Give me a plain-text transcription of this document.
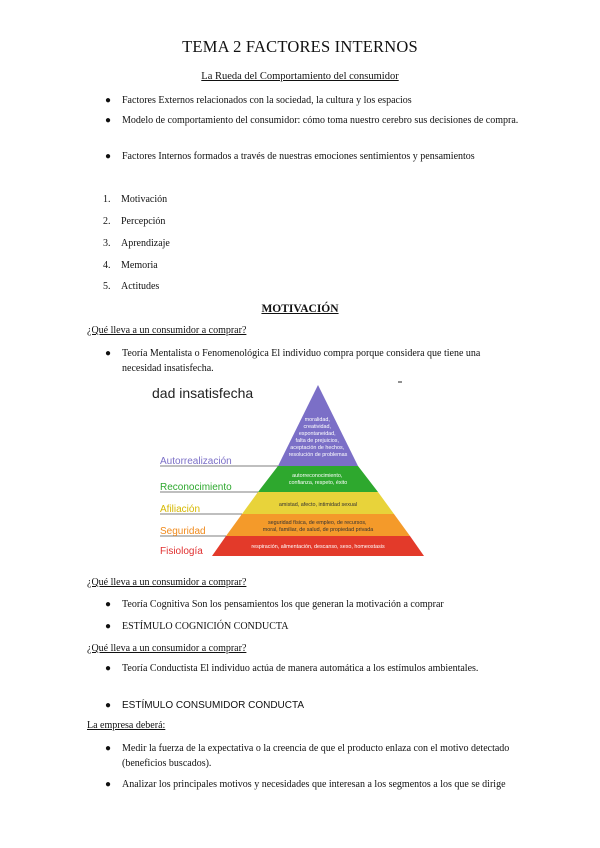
TEMA 2 FACTORES INTERNOS
La Rueda del Comportamiento del consumidor
● Factores Externos relacionados con la sociedad, la cultura y los espacios
● Modelo de comportamiento del consumidor: cómo toma nuestro cerebro sus decisiones de compra.
● Factores Internos formados a través de nuestras emociones sentimientos y pensamientos
1. Motivación
2. Percepción
3. Aprendizaje
4. Memoria
5. Actitudes
MOTIVACIÓN
¿Qué lleva a un consumidor a comprar?
● Teoría Mentalista o Fenomenológica El individuo compra porque considera que tiene una necesidad insatisfecha.
dad insatisfecha
Autorrealización
Reconocimiento
Afiliación
Seguridad
Fisiología
moralidad, creatividad, espontaneidad, falta de prejuicios, aceptación de hechos, resolución de problemas
autorreconocimiento, confianza, respeto, éxito
amistad, afecto, intimidad sexual
seguridad física, de empleo, de recursos, moral, familiar, de salud, de propiedad privada
respiración, alimentación, descanso, sexo, homeostasis
¿Qué lleva a un consumidor a comprar?
● Teoría Cognitiva Son los pensamientos los que generan la motivación a comprar
● ESTÍMULO COGNICIÓN CONDUCTA
¿Qué lleva a un consumidor a comprar?
● Teoría Conductista El individuo actúa de manera automática a los estímulos ambientales.
● ESTÍMULO CONSUMIDOR CONDUCTA
La empresa deberá:
● Medir la fuerza de la expectativa o la creencia de que el producto enlaza con el motivo detectado (beneficios buscados).
● Analizar los principales motivos y necesidades que interesan a los segmentos a los que se dirige
